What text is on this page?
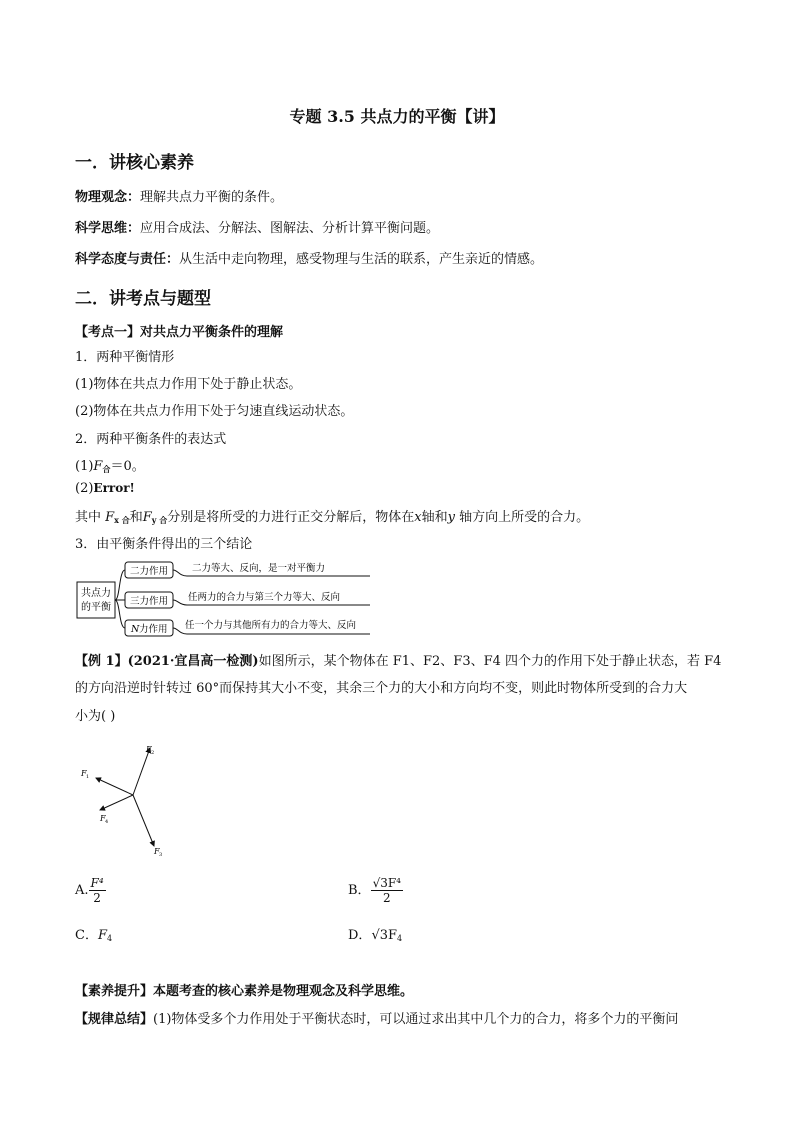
专题 3.5 共点力的平衡【讲】
一．讲核心素养
物理观念：理解共点力平衡的条件。
科学思维：应用合成法、分解法、图解法、分析计算平衡问题。
科学态度与责任：从生活中走向物理，感受物理与生活的联系，产生亲近的情感。
二．讲考点与题型
【考点一】对共点力平衡条件的理解
1．两种平衡情形
(1)物体在共点力作用下处于静止状态。
(2)物体在共点力作用下处于匀速直线运动状态。
2．两种平衡条件的表达式
$(1)F_合=0$。
(2)Error!
其中 $F_{x 合}$和$F_{y 合}$分别是将所受的力进行正交分解后，物体在x轴和y 轴方向上所受的合力。
3．由平衡条件得出的三个结论
共点力
的平衡
二力作用
三力作用
N 力作用
二力等大、反向，是一对平衡力
任两力的合力与第三个力等大、反向
任一个力与其他所有力的合力等大、反向
【例 1】(2021·宜昌高一检测)如图所示，某个物体在 F1、F2、F3、F4 四个力的作用下处于静止状态，若 F4
的方向沿逆时针转过 60°而保持其大小不变，其余三个力的大小和方向均不变，则此时物体所受到的合力大
小为( )
F 2
F 1
F 4
F 3
A. $\frac{\text{F⁴}}{2}$	B． $\frac{\text{√3F⁴}}{2}$
C．F4	D．√3F4
【素养提升】本题考查的核心素养是物理观念及科学思维。
【规律总结】(1)物体受多个力作用处于平衡状态时，可以通过求出其中几个力的合力，将多个力的平衡问
